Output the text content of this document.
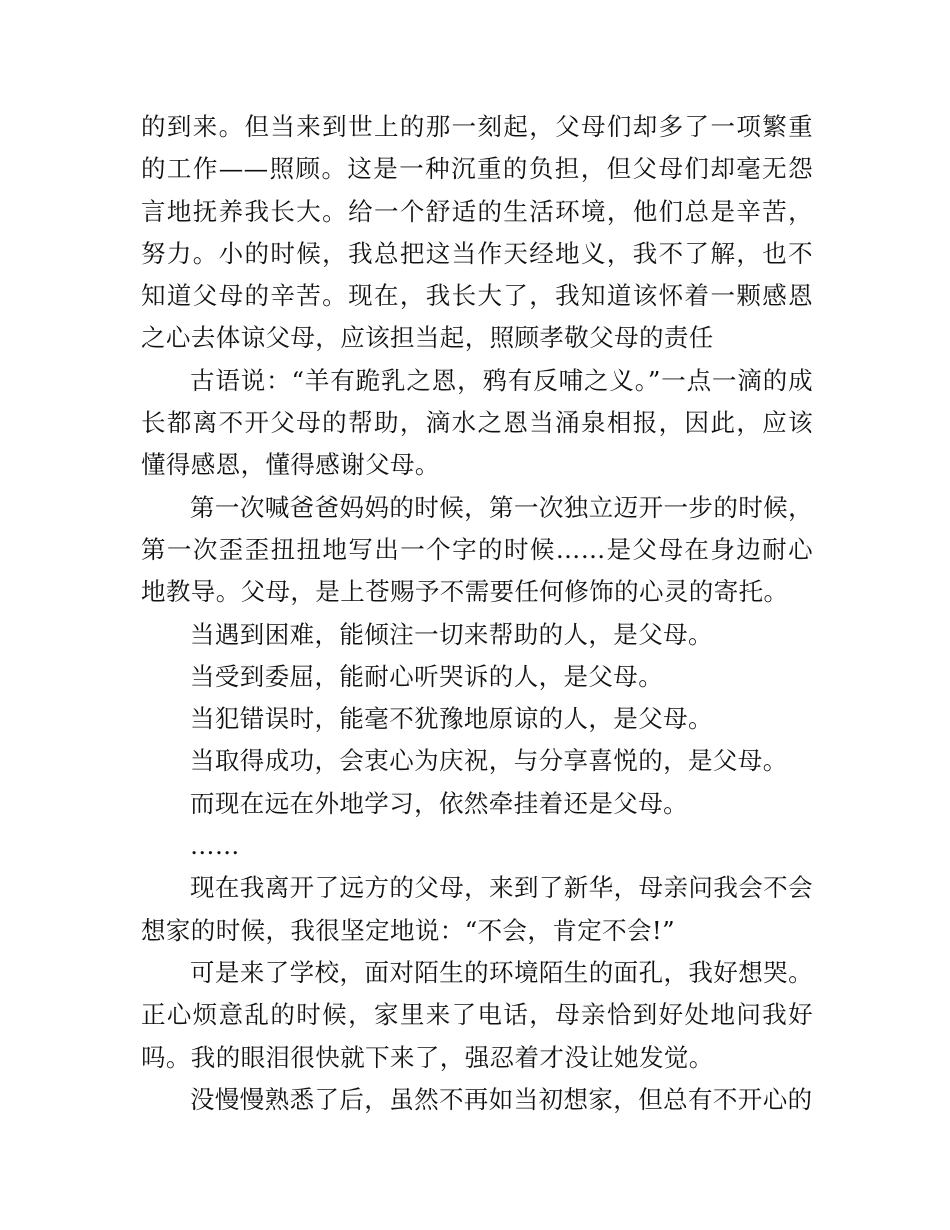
的到来。但当来到世上的那一刻起，父母们却多了一项繁重的工作——照顾。这是一种沉重的负担，但父母们却毫无怨言地抚养我长大。给一个舒适的生活环境，他们总是辛苦，努力。小的时候，我总把这当作天经地义，我不了解，也不知道父母的辛苦。现在，我长大了，我知道该怀着一颗感恩之心去体谅父母，应该担当起，照顾孝敬父母的责任

古语说：“羊有跪乳之恩，鸦有反哺之义。”一点一滴的成长都离不开父母的帮助，滴水之恩当涌泉相报，因此，应该懂得感恩，懂得感谢父母。

第一次喊爸爸妈妈的时候，第一次独立迈开一步的时候，第一次歪歪扭扭地写出一个字的时候……是父母在身边耐心地教导。父母，是上苍赐予不需要任何修饰的心灵的寄托。

当遇到困难，能倾注一切来帮助的人，是父母。

当受到委屈，能耐心听哭诉的人，是父母。

当犯错误时，能毫不犹豫地原谅的人，是父母。

当取得成功，会衷心为庆祝，与分享喜悦的，是父母。

而现在远在外地学习，依然牵挂着还是父母。

……

现在我离开了远方的父母，来到了新华，母亲问我会不会想家的时候，我很坚定地说：“不会，肯定不会!”

可是来了学校，面对陌生的环境陌生的面孔，我好想哭。正心烦意乱的时候，家里来了电话，母亲恰到好处地问我好吗。我的眼泪很快就下来了，强忍着才没让她发觉。

没慢慢熟悉了后，虽然不再如当初想家，但总有不开心的
